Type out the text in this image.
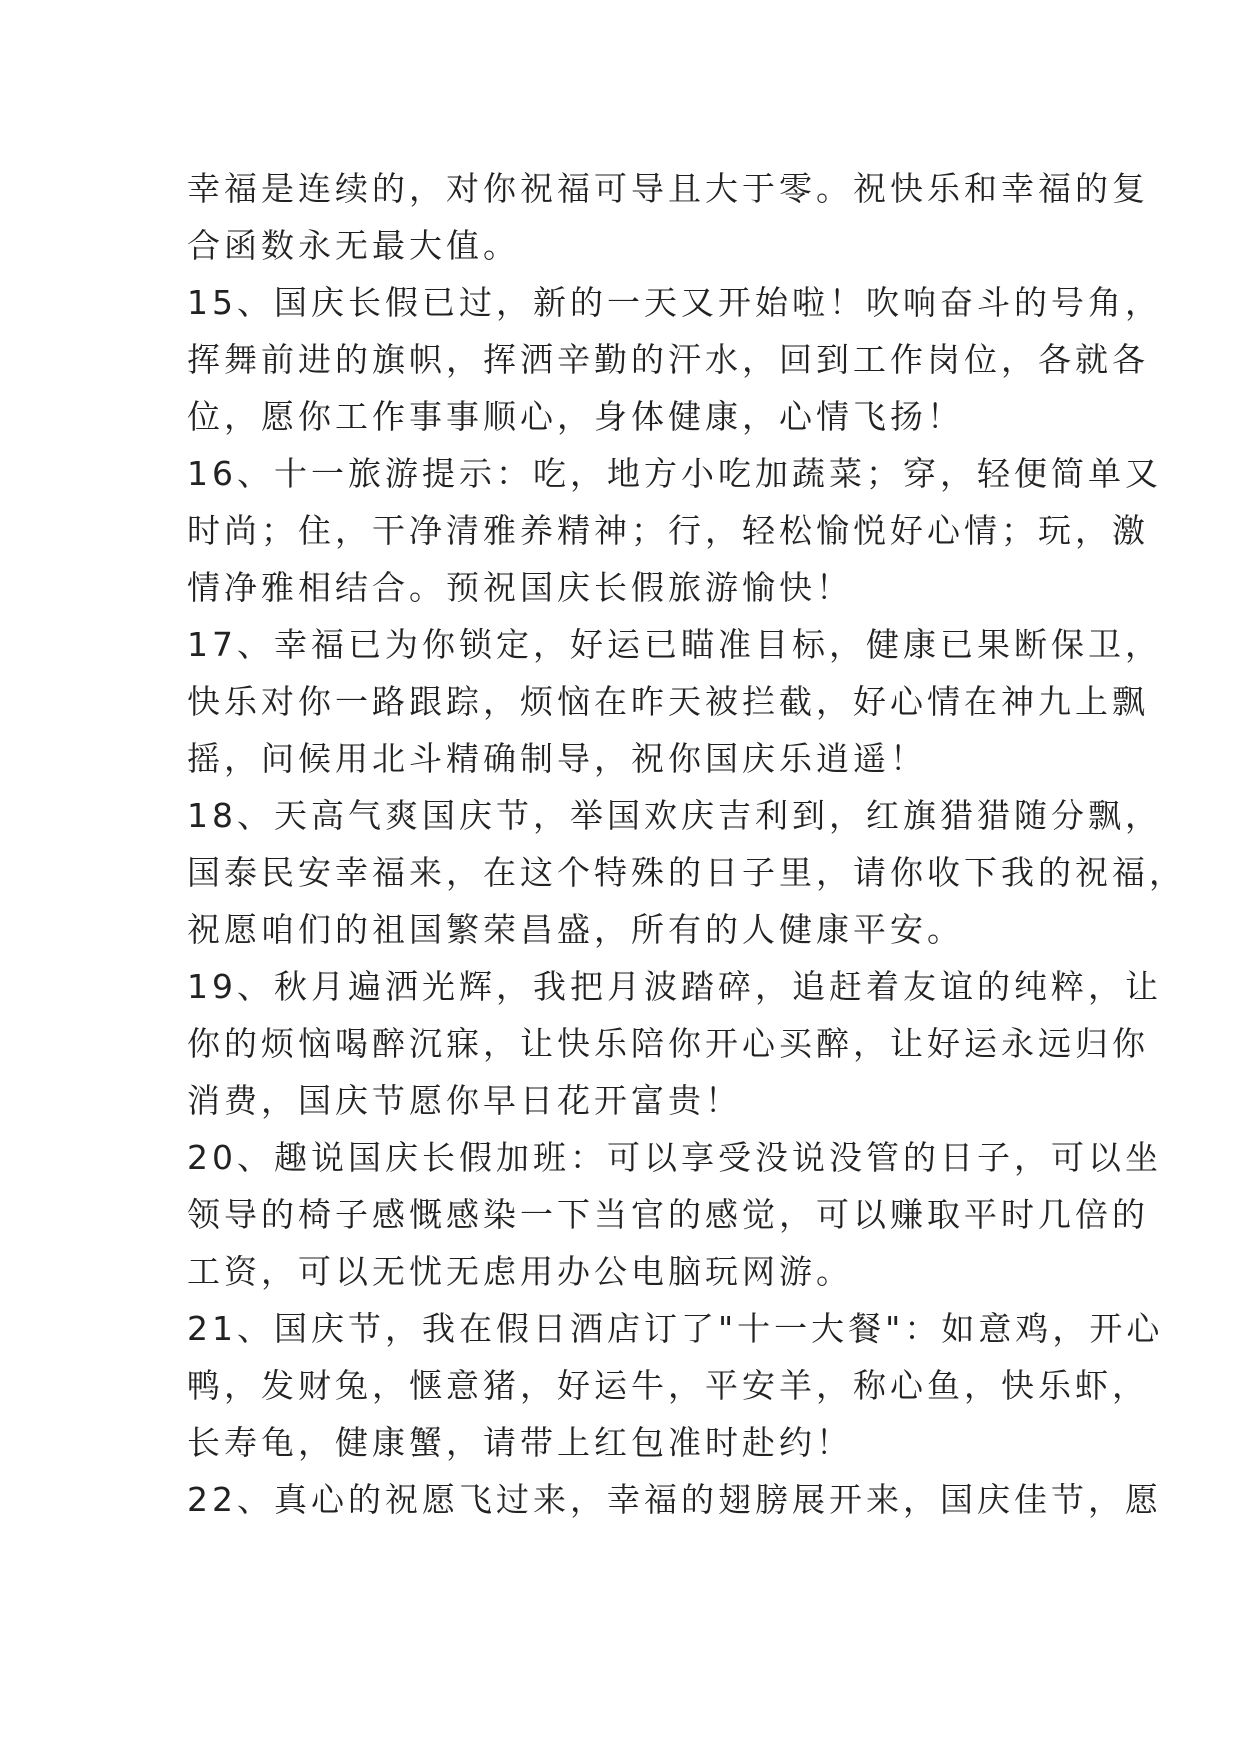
幸福是连续的，对你祝福可导且大于零。祝快乐和幸福的复
合函数永无最大值。
15、国庆长假已过，新的一天又开始啦！吹响奋斗的号角，
挥舞前进的旗帜，挥洒辛勤的汗水，回到工作岗位，各就各
位，愿你工作事事顺心，身体健康，心情飞扬！
16、十一旅游提示：吃，地方小吃加蔬菜；穿，轻便简单又
时尚；住，干净清雅养精神；行，轻松愉悦好心情；玩，激
情净雅相结合。预祝国庆长假旅游愉快！
17、幸福已为你锁定，好运已瞄准目标，健康已果断保卫，
快乐对你一路跟踪，烦恼在昨天被拦截，好心情在神九上飘
摇，问候用北斗精确制导，祝你国庆乐逍遥！
18、天高气爽国庆节，举国欢庆吉利到，红旗猎猎随分飘，
国泰民安幸福来，在这个特殊的日子里，请你收下我的祝福，
祝愿咱们的祖国繁荣昌盛，所有的人健康平安。
19、秋月遍洒光辉，我把月波踏碎，追赶着友谊的纯粹，让
你的烦恼喝醉沉寐，让快乐陪你开心买醉，让好运永远归你
消费，国庆节愿你早日花开富贵！
20、趣说国庆长假加班：可以享受没说没管的日子，可以坐
领导的椅子感慨感染一下当官的感觉，可以赚取平时几倍的
工资，可以无忧无虑用办公电脑玩网游。
21、国庆节，我在假日酒店订了"十一大餐"：如意鸡，开心
鸭，发财兔，惬意猪，好运牛，平安羊，称心鱼，快乐虾，
长寿龟，健康蟹，请带上红包准时赴约！
22、真心的祝愿飞过来，幸福的翅膀展开来，国庆佳节，愿
